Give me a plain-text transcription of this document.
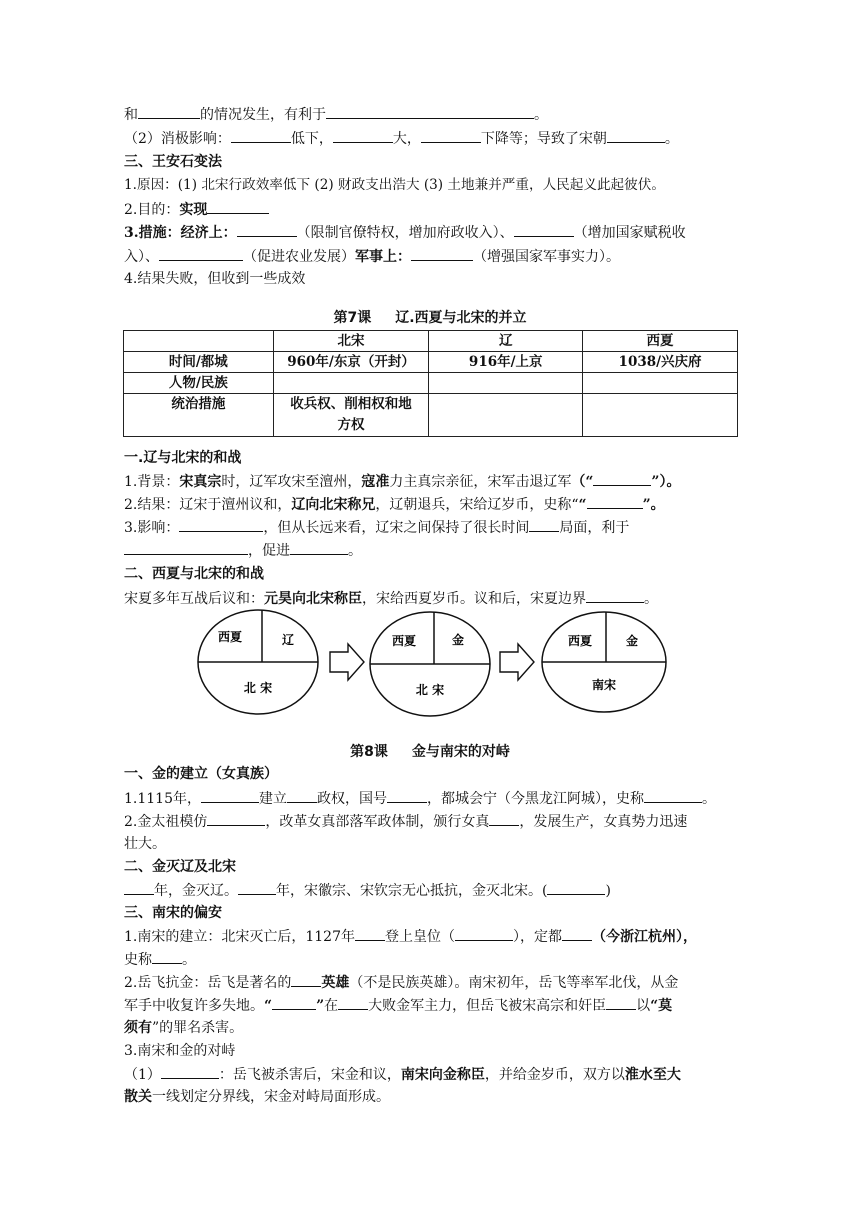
和	的情况发生，有利于	。
（2）消极影响：	低下，	大，	下降等；导致了宋朝	。
三、王安石变法
1.原因：(1) 北宋行政效率低下 (2) 财政支出浩大 (3) 土地兼并严重，人民起义此起彼伏。
2.目的：实现
3.措施：经济上：	（限制官僚特权，增加府政收入）、	（增加国家赋税收
入）、	（促进农业发展）军事上：	（增强国家军事实力）。
4.结果失败，但收到一些成效
第7课 辽.西夏与北宋的并立
	北宋	辽	西夏
时间/都城	960年/东京（开封）	916年/上京	1038/兴庆府
人物/民族			
统治措施	收兵权、削相权和地
方权		
一.辽与北宋的和战
1.背景：宋真宗时，辽军攻宋至澶州，寇准力主真宗亲征，宋军击退辽军（“	”）。
2.结果：辽宋于澶州议和，辽向北宋称兄，辽朝退兵，宋给辽岁币，史称““	”。
3.影响：	，但从长远来看，辽宋之间保持了很长时间 局面，利于
，促进	。
二、西夏与北宋的和战
宋夏多年互战后议和：元昊向北宋称臣，宋给西夏岁币。议和后，宋夏边界	。
西夏	辽
北 宋
西夏	金
北 宋
西夏	金
南宋
第8课 金与南宋的对峙
一、金的建立（女真族）
1.1115年，	建立 政权，国号	，都城会宁（今黑龙江阿城），史称	。
2.金太祖模仿	，改革女真部落军政体制，颁行女真 ，发展生产，女真势力迅速
壮大。
二、金灭辽及北宋
年，金灭辽。	年，宋徽宗、宋钦宗无心抵抗，金灭北宋。(	)
三、南宋的偏安
1.南宋的建立：北宋灭亡后，1127年 登上皇位（	），定都 （今浙江杭州），
史称 。
2.岳飞抗金：岳飞是著名的 英雄（不是民族英雄）。南宋初年，岳飞等率军北伐，从金
军手中收复许多失地。“	”在 大败金军主力，但岳飞被宋高宗和奸臣 以“莫
须有”的罪名杀害。
3.南宋和金的对峙
（1）	：岳飞被杀害后，宋金和议，南宋向金称臣，并给金岁币，双方以淮水至大
散关一线划定分界线，宋金对峙局面形成。
